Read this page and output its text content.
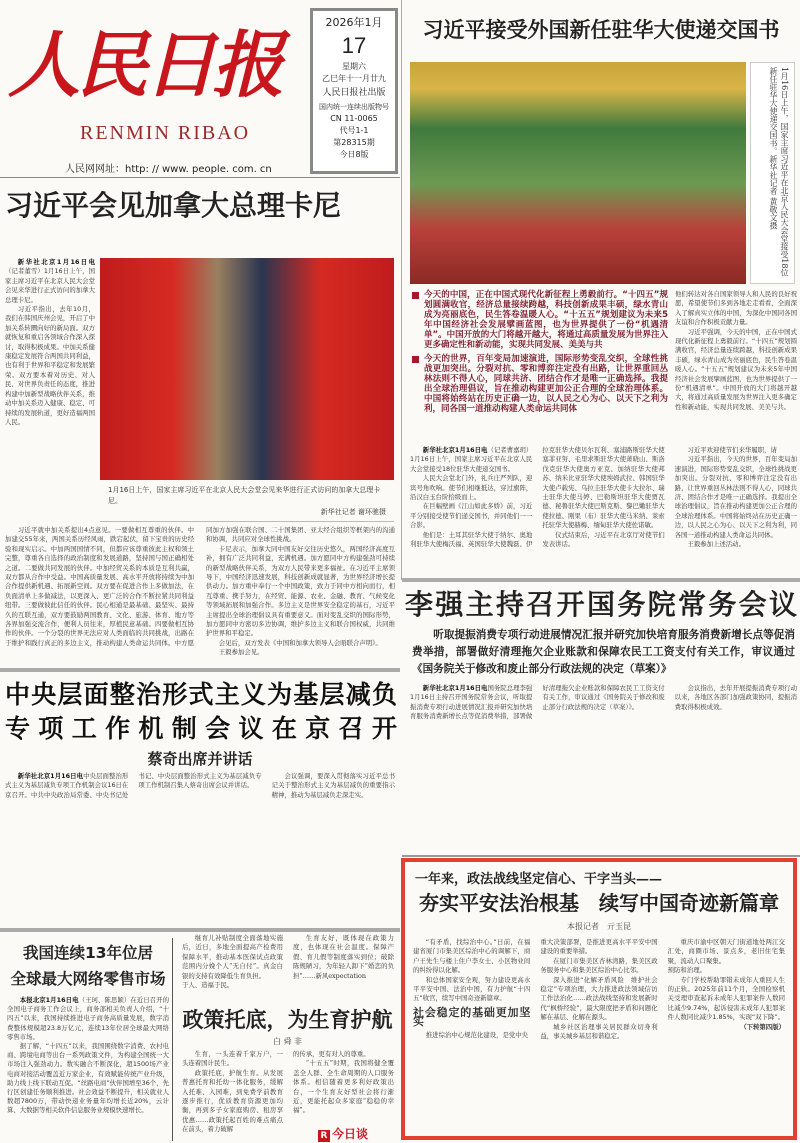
人民日报
RENMIN RIBAO
人民网网址：http: // www. people. com. cn
2026年1月
17
星期六
乙巳年十一月廿九
人民日报社出版
国内统一连续出版物号
CN 11-0065
代号1-1
第28315期
今日8版
习近平接受外国新任驻华大使递交国书
1月16日上午，国家主席习近平在北京人民大会堂接受18位新任驻华大使递交国书。新华社记者 黄敬文摄
今天的中国，正在中国式现代化新征程上勇毅前行。“十四五”规划圆满收官，经济总量接续跨越，科技创新成果丰硕，绿水青山成为亮丽底色，民生答卷温暖人心。“十五五”规划建议为未来5年中国经济社会发展擘画蓝图，也为世界提供了一份“机遇清单”。中国开放的大门将越开越大，将通过高质量发展为世界注入更多确定性和新动能，实现共同发展、美美与共
今天的世界，百年变局加速演进，国际形势变乱交织，全球性挑战更加突出。分裂对抗、零和博弈注定没有出路，让世界重回丛林法则不得人心，同球共济、团结合作才是唯一正确选择。我提出全球治理倡议，旨在推动构建更加公正合理的全球治理体系。中国将始终站在历史正确一边，以人民之心为心、以天下之利为利，同各国一道推动构建人类命运共同体

他们转达对各自国家领导人和人民的良好祝愿，希望使节们多到各地走走看看，全面深入了解真实立体的中国，为深化中国同各国友谊和合作积极贡献力量。

习近平强调，今天的中国，正在中国式现代化新征程上勇毅前行。“十四五”规划圆满收官，经济总量连续跨越，科技创新成果丰硕，绿水青山成为亮丽底色，民生答卷温暖人心。“十五五”规划建议为未来5年中国经济社会发展擘画蓝图，也为世界提供了一份“机遇清单”。中国开放的大门将越开越大，将通过高质量发展为世界注入更多确定性和新动能，实现共同发展、美美与共。

新华社北京1月16日电（记者曹嘉玥）1月16日上午，国家主席习近平在北京人民大会堂接受18位驻华大使递交国书。

人民大会堂北门外，礼兵庄严列队，迎宾号角吹响。使节们相继抵达，穿过旗阵，沿汉白玉台阶拾级而上。

在巨幅壁画《江山如此多娇》前，习近平分别接受使节们递交国书，并同他们一一合影。

他们是：土耳其驻华大使于纳尔、奥地利驻华大使梅沃福、英国驻华大使魏磊、伊拉克驻华大使贝尔瓦利、塞浦路斯驻华大使塞菲亚努、毛里求斯驻华大使萧晓山、斯洛伐克驻华大使奥方亚克、加纳驻华大使邦苏、纳米比亚驻华大使埃姆武拉、韩国驻华大使卢载宪、乌拉圭驻华大使卡大拉尔、瑞士驻华大使马婷、巴勒斯坦驻华大使贾瓦德、秘鲁驻华大使巴斯克斯、黎巴嫩驻华大使拉德、刚果（布）驻华大使马米纳、莱索托驻华大使赫梅、缅甸驻华大使佐诺敏。

仪式结束后，习近平在北京厅对使节们发表讲话。

习近平欢迎使节们来华履职，请

习近平指出，今天的世界，百年变局加速演进，国际形势变乱交织，全球性挑战更加突出。分裂对抗、零和博弈注定没有出路，让世界重回丛林法则不得人心，同球共济、团结合作才是唯一正确选择。我提出全球治理倡议，旨在推动构建更加公正合理的全球治理体系。中国将始终站在历史正确一边，以人民之心为心、以天下之利为利，同各国一道推动构建人类命运共同体。

王毅参加上述活动。

习近平会见加拿大总理卡尼
1月16日上午，国家主席习近平在北京人民大会堂会见来华进行正式访问的加拿大总理卡尼。
新华社记者 谢环驰摄

新华社北京1月16日电（记者董雪）1月16日上午，国家主席习近平在北京人民大会堂会见来华进行正式访问的加拿大总理卡尼。

习近平指出，去年10月，我们在韩国庆州会见，开启了中加关系转圜向好的新局面。双方就恢复和重启各领域合作深入探讨，取得积极成果。中加关系健康稳定发展符合两国共同利益，也有利于世界和平稳定和发展繁荣。双方要本着对历史、对人民、对世界负责任的态度，推进构建中加新型战略伙伴关系，推动中加关系迈入健康、稳定、可持续的发展轨道，更好造福两国人民。

习近平就中加关系提出4点意见。一要做相互尊重的伙伴。中加建交55年来，两国关系历经风雨，跌宕起伏，留下宝贵的历史经验和现实启示。中加两国国情不同，但都应该尊重彼此主权和领土完整，尊重各自选择的政治制度和发展道路，坚持国与国正确相处之道。二要做共同发展的伙伴。中加经贸关系的本质是互利共赢，双方都从合作中受益。中国高质量发展、高水平开放将持续为中加合作提供新机遇、拓展新空间。双方要在促进合作上多做加法，在负面清单上多做减法，以更深入、更广泛的合作不断拉紧共同利益纽带。三要做彼此信任的伙伴。民心相通是最基础、最坚实、最持久的互联互通，双方要鼓励两国教育、文化、旅游、体育、地方等各界加强交流合作，便利人员往来，厚植民意基础。四要做相互协作的伙伴。一个分裂的世界无法应对人类面临的共同挑战，出路在于维护和践行真正的多边主义，推动构建人类命运共同体。中方愿同加方加强在联合国、二十国集团、亚太经合组织等框架内的沟通和协调，共同应对全球性挑战。

卡尼表示，加拿大同中国友好交往历史悠久，两国经济高度互补，拥有广泛共同利益，充满机遇。加方愿同中方构建强劲可持续的新型战略伙伴关系，为双方人民带来更多福祉。在习近平主席领导下，中国经济迅速发展，科技创新成就显著，为世界经济增长提供动力。加方重申奉行一个中国政策，致力于同中方相向而行，相互尊重、携手努力，在经贸、能源、农业、金融、教育、气候变化等领域拓展和加强合作。多边主义是世界安全稳定的基石，习近平主席提出全球治理倡议具有重要意义。面对变乱交织的国际形势，加方愿同中方密切多边协调，维护多边主义和联合国权威，共同维护世界和平稳定。

会见后，双方发表《中国和加拿大领导人会晤联合声明》。

王毅参加会见。

中央层面整治形式主义为基层减负
专项工作机制会议在京召开
蔡奇出席并讲话

新华社北京1月16日电中央层面整治形式主义为基层减负专项工作机制会议16日在京召开。中共中央政治局常委、中央书记处书记、中央层面整治形式主义为基层减负专项工作机制召集人蔡奇出席会议并讲话。

会议强调，要深入贯彻落实习近平总书记关于整治形式主义为基层减负的重要指示精神，推动为基层减负走深走实。

我国连续13年位居
全球最大网络零售市场

本报北京1月16日电（王珂、陈思颖）在近日召开的全国电子商务工作会议上，商务部相关负责人介绍，“十四五”以来，我国持续推进电子商务高质量发展，数字消费整体规模超23.8万亿元，连续13年位居全球最大网络零售市场。

据了解，“十四五”以来，我国围绕数字消费、农村电商、跨境电商等出台一系列政策文件，为构建全国统一大市场注入强劲动力。数实融合不断深化，超1500场产业电商对接活动覆盖近万家企业，有效赋能传统产业升级，助力线上线下联动互促。“丝路电商”伙伴国增至36个，先行区创建任务顺利推进。社会效益不断提升，相关就业人数超7800万，带动快递业务量年均增长近20%，云计算、大数据等相关软件信息服务业规模快速增长。

继育儿补贴制度全面落地实施后，近日，多地全面提高产检费用保障水平，推动基本医保试点政策范围内分娩个人“无自付”。真金白银的支持有效降低生育负担。

于人、造福于民。

生育友好，既体现在政策力度，也体现在社会温度。保障产假、育儿假等制度落实到位；破除陈规陋习，为年轻人卸下“婚恋的负担”……新风expectation

政策托底，为生育护航
白 舜 非

生育，一头连着千家万户，一头连着国计民生。

政策托底，护航生育。从发展普惠托育和托幼一体化服务，缓解入托难、入园难，到免费学前教育逐步推行，优质教育资源更加均衡，再到多子女家庭购房、租房享优惠……政策托起百姓的难点痛点在前头，着力破解

的传承，更有对人的尊重。

“十五五”时期，我国将健全覆盖全人群、全生命周期的人口服务体系。相信随着更多利好政策出台，一个生育友好型社会将行渐近，更能托起众多家庭“稳稳的幸福”。

R 今日谈
李强主持召开国务院常务会议
听取提振消费专项行动进展情况汇报并研究加快培育服务消费新增长点等促消费举措，部署做好清理拖欠企业账款和保障农民工工资支付有关工作，审议通过《国务院关于修改和废止部分行政法规的决定（草案）》

新华社北京1月16日电国务院总理李强1月16日主持召开国务院常务会议，听取提振消费专项行动进展情况汇报并研究加快培育服务消费新增长点等促消费举措，部署做好清理拖欠企业账款和保障农民工工资支付有关工作，审议通过《国务院关于修改和废止部分行政法规的决定（草案）》。

会议指出，去年开展提振消费专项行动以来，各地区各部门加强政策协同，提振消费取得积极成效。

一年来，政法战线坚定信心、干字当头——
夯实平安法治根基　续写中国奇迹新篇章
本报记者　亓玉昆

“有矛盾，找综治中心。”日前，在福建省厦门市集美区综治中心的调解下，商户王先生与楼上住户李女士、小区物业间的纠纷得以化解。

和总体国家安全观，努力建设更高水平平安中国、法治中国，有力护航“十四五”收官，续写中国奇迹新篇章。

社会稳定的基础更加坚实

推进综治中心规范化建设，是党中央

重大决策部署，是推进更高水平平安中国建设的重要举措。

在厦门市集美区杏林湾路，集美区政务服务中心和集美区综治中心比邻。

深入推进“化解矛盾风险　维护社会稳定”专项治理，大力推进政法领域信访工作法治化……政法战线坚持和发展新时代“枫桥经验”，最大限度把矛盾和问题化解在基层、化解在源头。

城乡社区治理事关居民群众切身利益，事关城乡基层和谐稳定。

重庆市渝中区朝天门街道地处两江交汇处，商圈市场、景点多，老旧住宅集聚，流动人口聚集。

预防和治理。

专门学校帮助罪错未成年人重回人生的正轨。2025年前11个月，全国检察机关受理审查起诉未成年人犯罪案件人数同比减少9.74%，起诉侵害未成年人犯罪案件人数同比减少1.85%，实现“双下降”。

（下转第四版）
